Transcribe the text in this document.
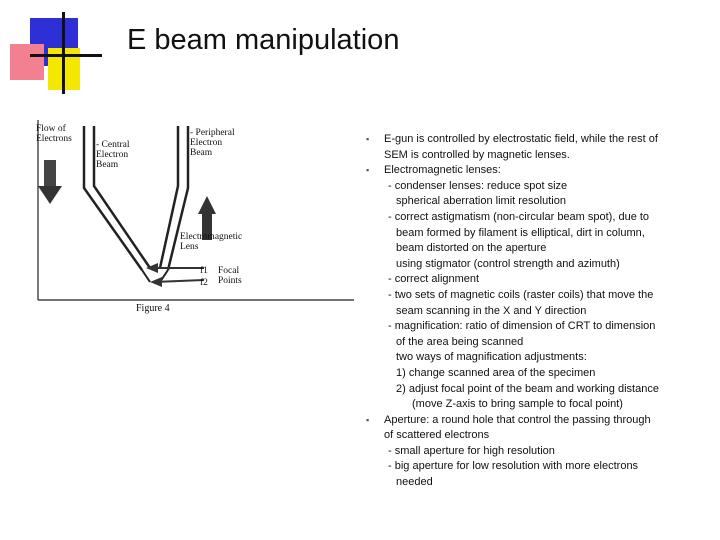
E beam manipulation
Flow of
Electrons
- Central
Electron
Beam
- Peripheral
Electron
Beam
Electromagnetic
Lens
f1
f2
Focal
Points
Figure 4
▪ E-gun is controlled by electrostatic field, while the rest of
SEM is controlled by magnetic lenses.
▪ Electromagnetic lenses:
- condenser lenses: reduce spot size
spherical aberration limit resolution
- correct astigmatism (non-circular beam spot), due to
beam formed by filament is elliptical, dirt in column,
beam distorted on the aperture
using stigmator (control strength and azimuth)
- correct alignment
- two sets of magnetic coils (raster coils) that move the
seam scanning in the X and Y direction
- magnification: ratio of dimension of CRT to dimension
of the area being scanned
two ways of magnification adjustments:
1) change scanned area of the specimen
2) adjust focal point of the beam and working distance
(move Z-axis to bring sample to focal point)
▪ Aperture: a round hole that control the passing through
of scattered electrons
- small aperture for high resolution
- big aperture for low resolution with more electrons
needed
